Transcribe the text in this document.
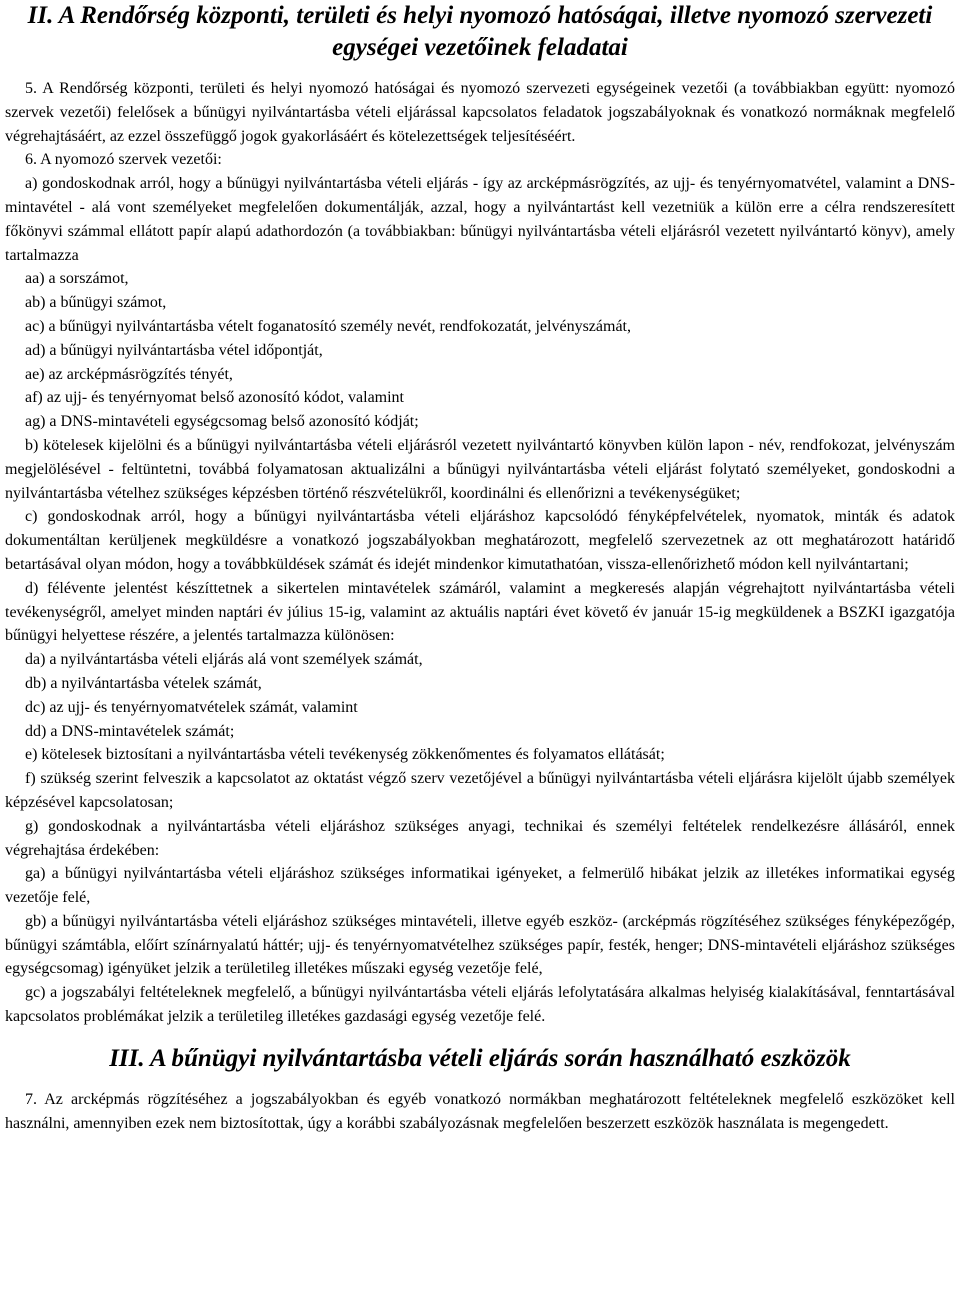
II. A Rendőrség központi, területi és helyi nyomozó hatóságai, illetve nyomozó szervezeti egységei vezetőinek feladatai

5. A Rendőrség központi, területi és helyi nyomozó hatóságai és nyomozó szervezeti egységeinek vezetői (a továbbiakban együtt: nyomozó szervek vezetői) felelősek a bűnügyi nyilvántartásba vételi eljárással kapcsolatos feladatok jogszabályoknak és vonatkozó normáknak megfelelő végrehajtásáért, az ezzel összefüggő jogok gyakorlásáért és kötelezettségek teljesítéséért.

6. A nyomozó szervek vezetői:

a) gondoskodnak arról, hogy a bűnügyi nyilvántartásba vételi eljárás - így az arcképmásrögzítés, az ujj- és tenyérnyomatvétel, valamint a DNS-mintavétel - alá vont személyeket megfelelően dokumentálják, azzal, hogy a nyilvántartást kell vezetniük a külön erre a célra rendszeresített főkönyvi számmal ellátott papír alapú adathordozón (a továbbiakban: bűnügyi nyilvántartásba vételi eljárásról vezetett nyilvántartó könyv), amely tartalmazza

aa) a sorszámot,

ab) a bűnügyi számot,

ac) a bűnügyi nyilvántartásba vételt foganatosító személy nevét, rendfokozatát, jelvényszámát,

ad) a bűnügyi nyilvántartásba vétel időpontját,

ae) az arcképmásrögzítés tényét,

af) az ujj- és tenyérnyomat belső azonosító kódot, valamint

ag) a DNS-mintavételi egységcsomag belső azonosító kódját;

b) kötelesek kijelölni és a bűnügyi nyilvántartásba vételi eljárásról vezetett nyilvántartó könyvben külön lapon - név, rendfokozat, jelvényszám megjelölésével - feltüntetni, továbbá folyamatosan aktualizálni a bűnügyi nyilvántartásba vételi eljárást folytató személyeket, gondoskodni a nyilvántartásba vételhez szükséges képzésben történő részvételükről, koordinálni és ellenőrizni a tevékenységüket;

c) gondoskodnak arról, hogy a bűnügyi nyilvántartásba vételi eljáráshoz kapcsolódó fényképfelvételek, nyomatok, minták és adatok dokumentáltan kerüljenek megküldésre a vonatkozó jogszabályokban meghatározott, megfelelő szervezetnek az ott meghatározott határidő betartásával olyan módon, hogy a továbbküldések számát és idejét mindenkor kimutathatóan, vissza-ellenőrizhető módon kell nyilvántartani;

d) félévente jelentést készíttetnek a sikertelen mintavételek számáról, valamint a megkeresés alapján végrehajtott nyilvántartásba vételi tevékenységről, amelyet minden naptári év július 15-ig, valamint az aktuális naptári évet követő év január 15-ig megküldenek a BSZKI igazgatója bűnügyi helyettese részére, a jelentés tartalmazza különösen:

da) a nyilvántartásba vételi eljárás alá vont személyek számát,

db) a nyilvántartásba vételek számát,

dc) az ujj- és tenyérnyomatvételek számát, valamint

dd) a DNS-mintavételek számát;

e) kötelesek biztosítani a nyilvántartásba vételi tevékenység zökkenőmentes és folyamatos ellátását;

f) szükség szerint felveszik a kapcsolatot az oktatást végző szerv vezetőjével a bűnügyi nyilvántartásba vételi eljárásra kijelölt újabb személyek képzésével kapcsolatosan;

g) gondoskodnak a nyilvántartásba vételi eljáráshoz szükséges anyagi, technikai és személyi feltételek rendelkezésre állásáról, ennek végrehajtása érdekében:

ga) a bűnügyi nyilvántartásba vételi eljáráshoz szükséges informatikai igényeket, a felmerülő hibákat jelzik az illetékes informatikai egység vezetője felé,

gb) a bűnügyi nyilvántartásba vételi eljáráshoz szükséges mintavételi, illetve egyéb eszköz- (arcképmás rögzítéséhez szükséges fényképezőgép, bűnügyi számtábla, előírt színárnyalatú háttér; ujj- és tenyérnyomatvételhez szükséges papír, festék, henger; DNS-mintavételi eljáráshoz szükséges egységcsomag) igényüket jelzik a területileg illetékes műszaki egység vezetője felé,

gc) a jogszabályi feltételeknek megfelelő, a bűnügyi nyilvántartásba vételi eljárás lefolytatására alkalmas helyiség kialakításával, fenntartásával kapcsolatos problémákat jelzik a területileg illetékes gazdasági egység vezetője felé.

III. A bűnügyi nyilvántartásba vételi eljárás során használható eszközök

7. Az arcképmás rögzítéséhez a jogszabályokban és egyéb vonatkozó normákban meghatározott feltételeknek megfelelő eszközöket kell használni, amennyiben ezek nem biztosítottak, úgy a korábbi szabályozásnak megfelelően beszerzett eszközök használata is megengedett.
